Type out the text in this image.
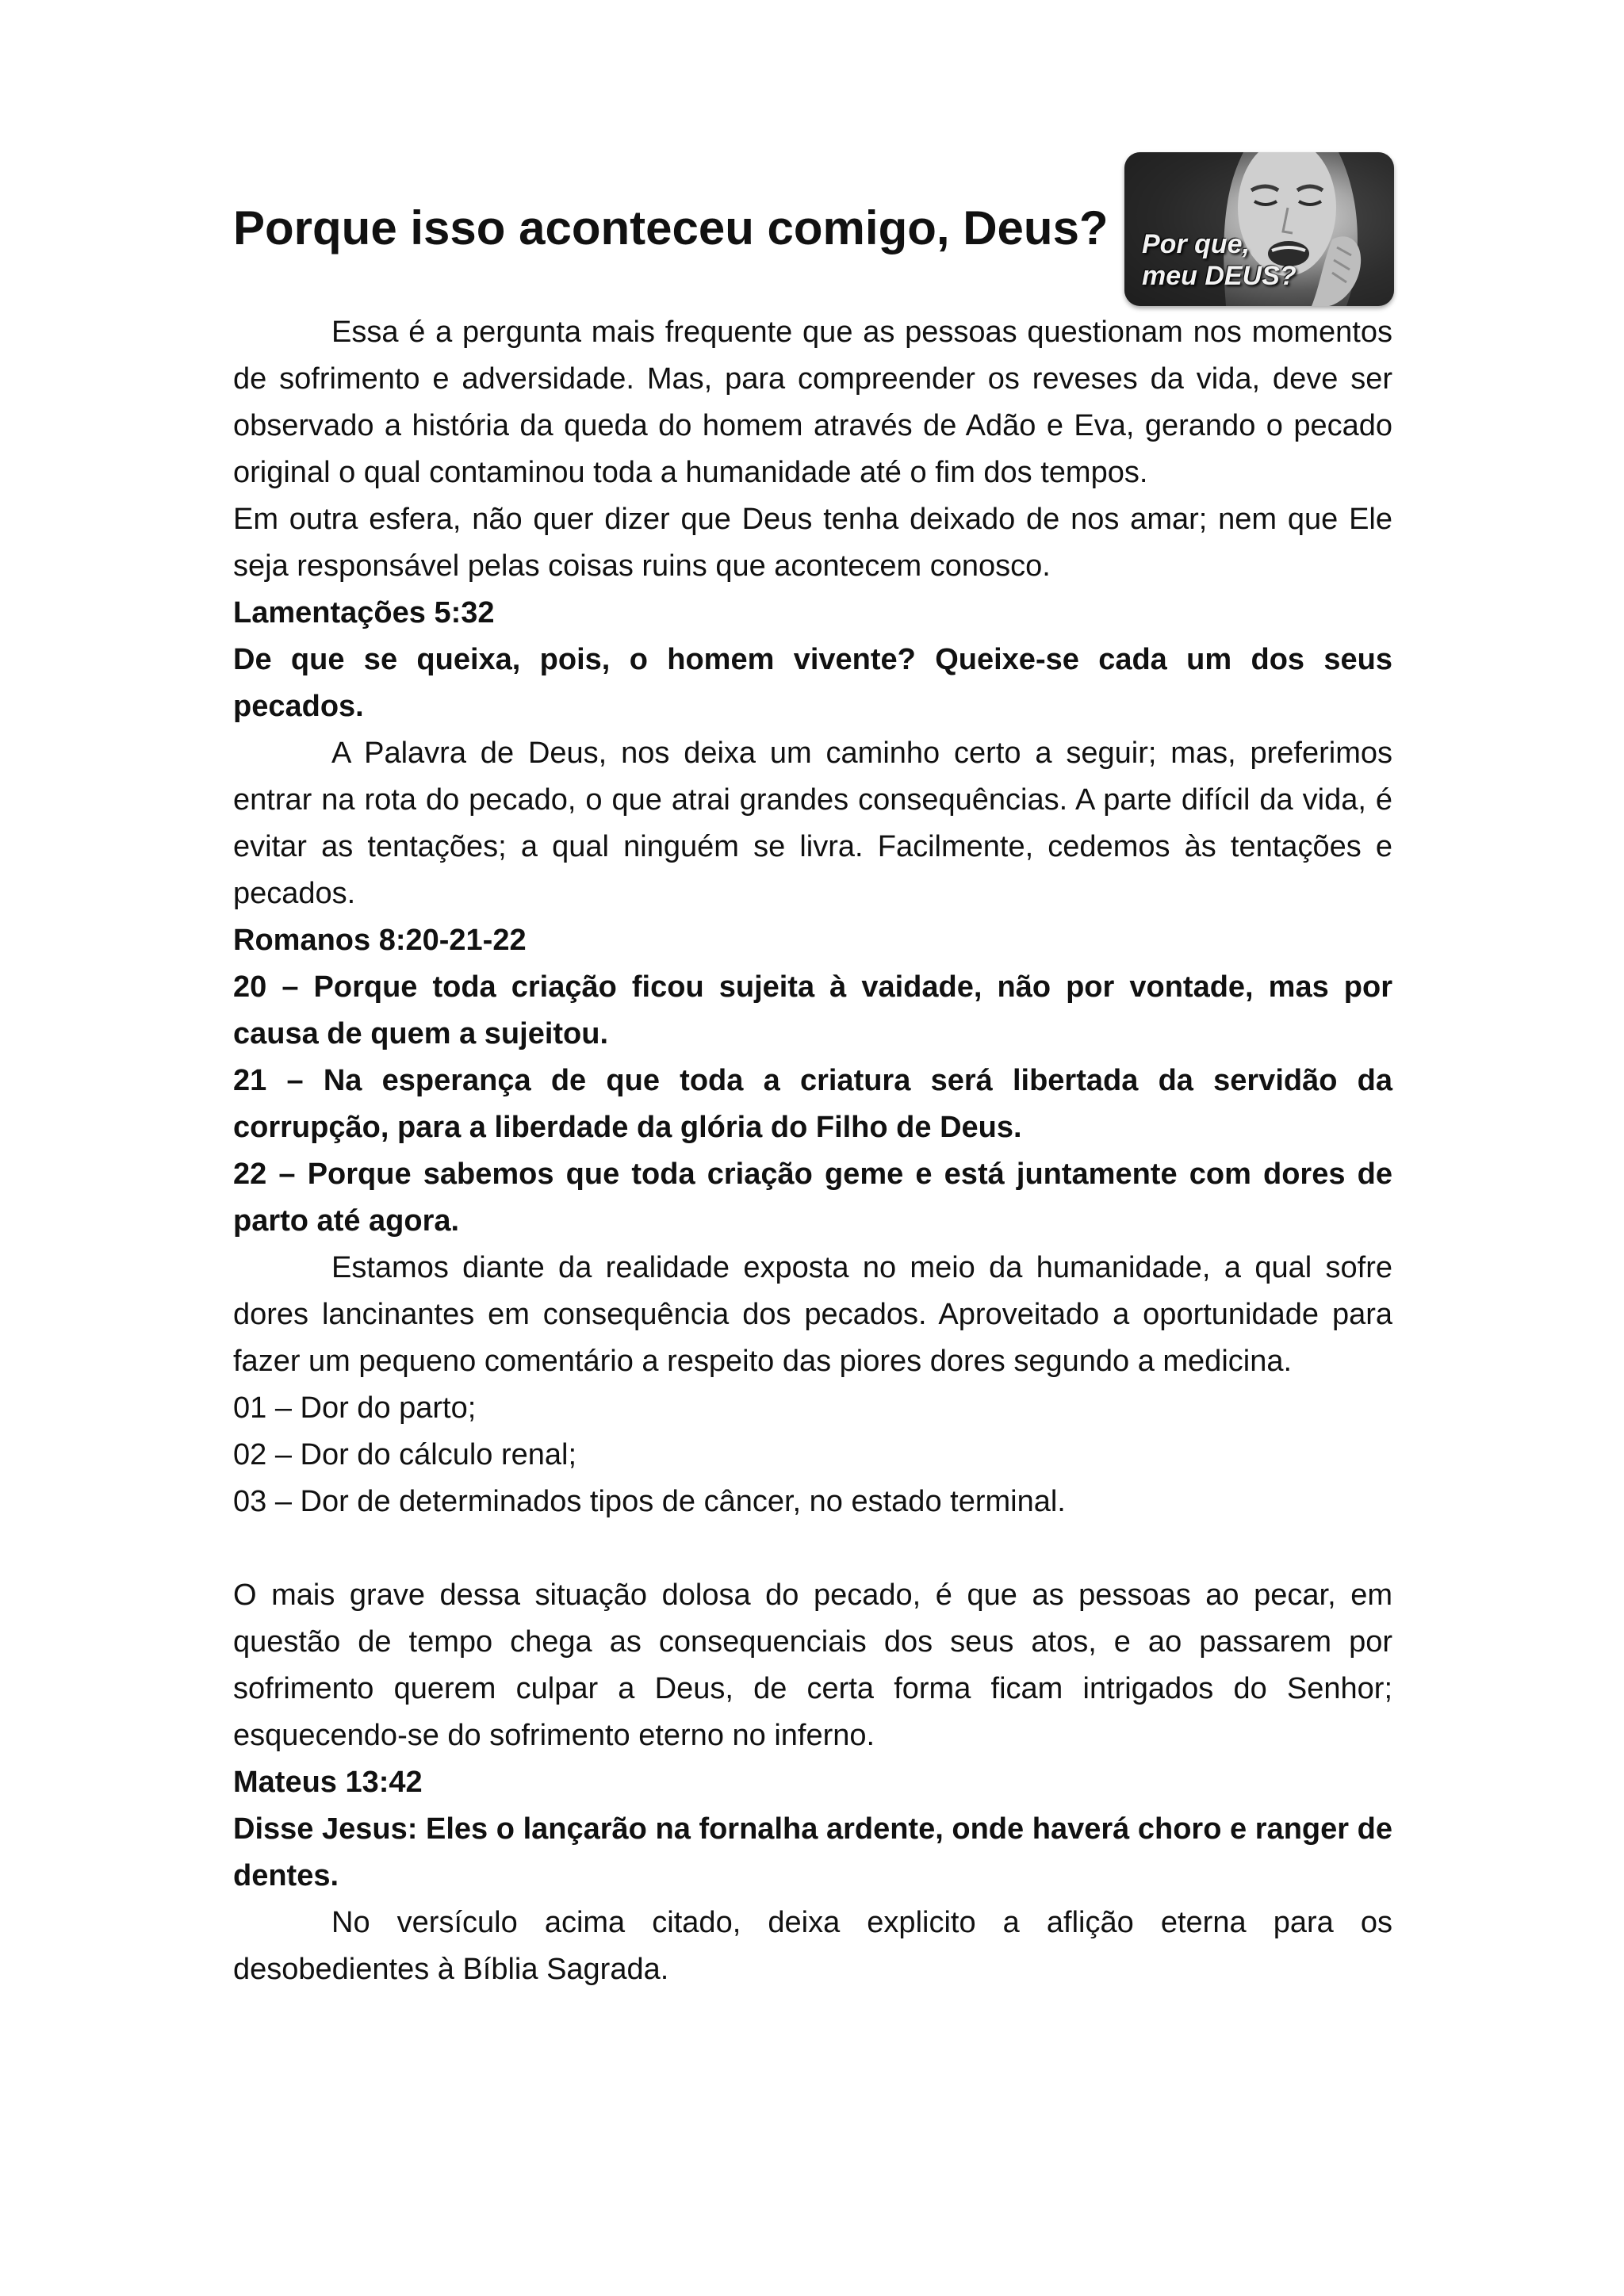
Porque isso aconteceu comigo, Deus? Por que,
meu DEUS?

Essa é a pergunta mais frequente que as pessoas questionam nos momentos de sofrimento e adversidade. Mas, para compreender os reveses da vida, deve ser observado a história da queda do homem através de Adão e Eva, gerando o pecado original o qual contaminou toda a humanidade até o fim dos tempos.

Em outra esfera, não quer dizer que Deus tenha deixado de nos amar; nem que Ele seja responsável pelas coisas ruins que acontecem conosco.

Lamentações 5:32

De que se queixa, pois, o homem vivente? Queixe-se cada um dos seus pecados.

A Palavra de Deus, nos deixa um caminho certo a seguir; mas, preferimos entrar na rota do pecado, o que atrai grandes consequências. A parte difícil da vida, é evitar as tentações; a qual ninguém se livra. Facilmente, cedemos às tentações e pecados.

Romanos 8:20-21-22

20 – Porque toda criação ficou sujeita à vaidade, não por vontade, mas por causa de quem a sujeitou.

21 – Na esperança de que toda a criatura será libertada da servidão da corrupção, para a liberdade da glória do Filho de Deus.

22 – Porque sabemos que toda criação geme e está juntamente com dores de parto até agora.

Estamos diante da realidade exposta no meio da humanidade, a qual sofre dores lancinantes em consequência dos pecados. Aproveitado a oportunidade para fazer um pequeno comentário a respeito das piores dores segundo a medicina.

01 – Dor do parto;

02 – Dor do cálculo renal;

03 – Dor de determinados tipos de câncer, no estado terminal.

O mais grave dessa situação dolosa do pecado, é que as pessoas ao pecar, em questão de tempo chega as consequenciais dos seus atos, e ao passarem por sofrimento querem culpar a Deus, de certa forma ficam intrigados do Senhor; esquecendo-se do sofrimento eterno no inferno.

Mateus 13:42

Disse Jesus: Eles o lançarão na fornalha ardente, onde haverá choro e ranger de dentes.

No versículo acima citado, deixa explicito a aflição eterna para os desobedientes à Bíblia Sagrada.
